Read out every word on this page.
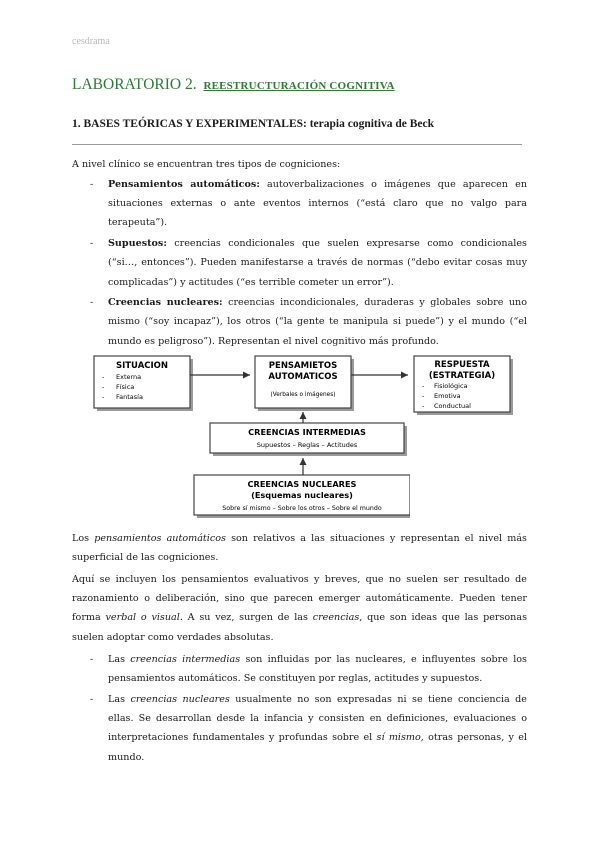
cesdrama
LABORATORIO 2. REESTRUCTURACIÓN COGNITIVA
1. BASES TEÓRICAS Y EXPERIMENTALES: terapia cognitiva de Beck

A nivel clínico se encuentran tres tipos de cogniciones:

- Pensamientos automáticos: autoverbalizaciones o imágenes que aparecen en situaciones externas o ante eventos internos (“está claro que no valgo para terapeuta”).
- Supuestos: creencias condicionales que suelen expresarse como condicionales (“si…, entonces”). Pueden manifestarse a través de normas (“debo evitar cosas muy complicadas”) y actitudes (“es terrible cometer un error”).
- Creencias nucleares: creencias incondicionales, duraderas y globales sobre uno mismo (“soy incapaz”), los otros (“la gente te manipula si puede”) y el mundo (“el mundo es peligroso”). Representan el nivel cognitivo más profundo.
SITUACION
- Externa
- Física
- Fantasía
PENSAMIETOS
AUTOMATICOS
(Verbales o imágenes)
CREENCIAS INTERMEDIAS
Supuestos – Reglas – Actitudes
CREENCIAS NUCLEARES
(Esquemas nucleares)
Sobre sí mismo – Sobre los otros – Sobre el mundo
RESPUESTA
(ESTRATEGIA)
- Fisiológica
- Emotiva
- Conductual

Los pensamientos automáticos son relativos a las situaciones y representan el nivel más superficial de las cogniciones.

Aquí se incluyen los pensamientos evaluativos y breves, que no suelen ser resultado de razonamiento o deliberación, sino que parecen emerger automáticamente. Pueden tener forma verbal o visual. A su vez, surgen de las creencias, que son ideas que las personas suelen adoptar como verdades absolutas.

- Las creencias intermedias son influidas por las nucleares, e influyentes sobre los pensamientos automáticos. Se constituyen por reglas, actitudes y supuestos.
- Las creencias nucleares usualmente no son expresadas ni se tiene conciencia de ellas. Se desarrollan desde la infancia y consisten en definiciones, evaluaciones o interpretaciones fundamentales y profundas sobre el sí mismo, otras personas, y el mundo.
